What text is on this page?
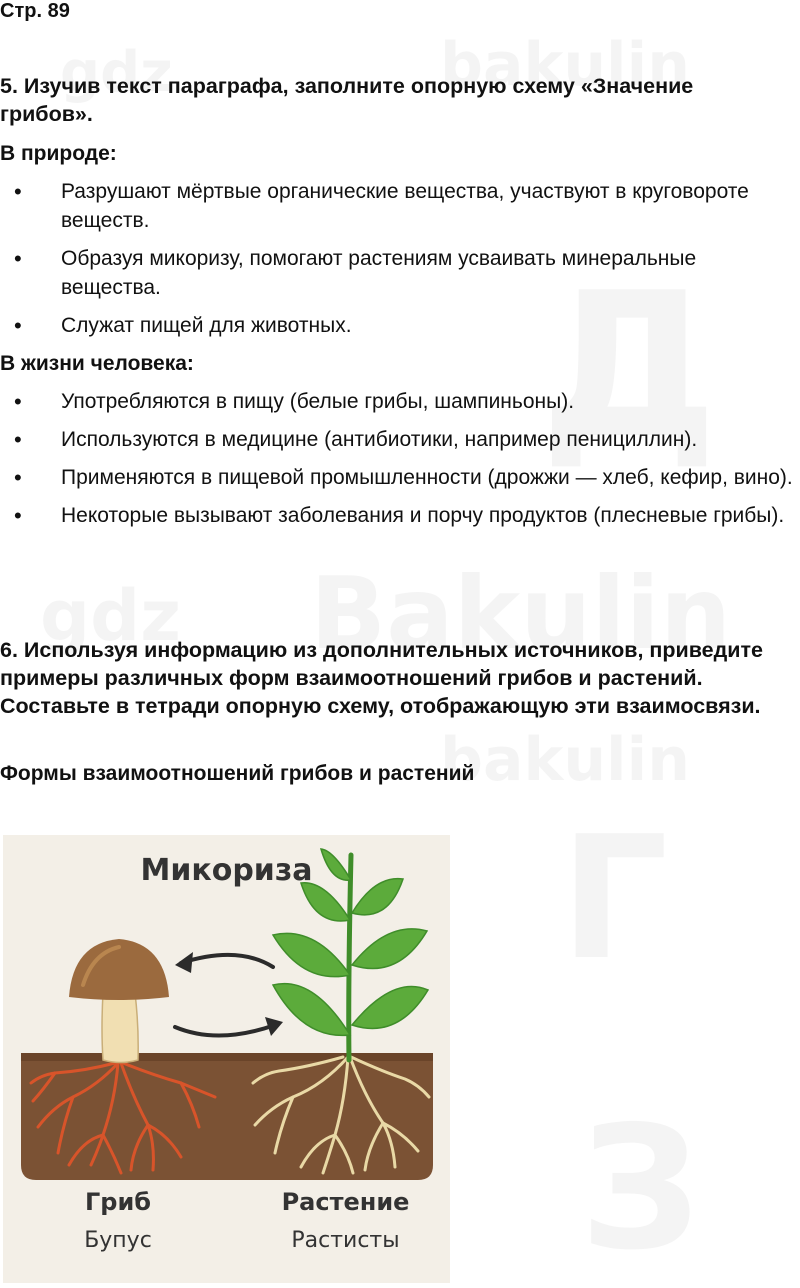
Стр. 89
5. Изучив текст параграфа, заполните опорную схему «Значение грибов».
В природе:
• Разрушают мёртвые органические вещества, участвуют в круговороте веществ.
• Образуя микоризу, помогают растениям усваивать минеральные вещества.
• Служат пищей для животных.
В жизни человека:
• Употребляются в пищу (белые грибы, шампиньоны).
• Используются в медицине (антибиотики, например пенициллин).
• Применяются в пищевой промышленности (дрожжи — хлеб, кефир, вино).
• Некоторые вызывают заболевания и порчу продуктов (плесневые грибы).
6. Используя информацию из дополнительных источников, приведите примеры различных форм взаимоотношений грибов и растений. Составьте в тетради опорную схему, отображающую эти взаимосвязи.
Формы взаимоотношений грибов и растений
Микориза
Гриб
Бупус
Растение
Растисты
